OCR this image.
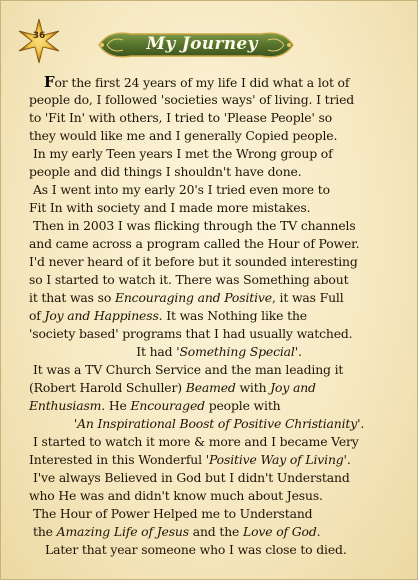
36	My Journey
For the first 24 years of my life I did what a lot of
people do, I followed 'societies ways' of living. I tried
to 'Fit In' with others, I tried to 'Please People' so
they would like me and I generally Copied people.
In my early Teen years I met the Wrong group of
people and did things I shouldn't have done.
As I went into my early 20's I tried even more to
Fit In with society and I made more mistakes.
Then in 2003 I was flicking through the TV channels
and came across a program called the Hour of Power.
I'd never heard of it before but it sounded interesting
so I started to watch it. There was Something about
it that was so Encouraging and Positive, it was Full
of Joy and Happiness. It was Nothing like the
'society based' programs that I had usually watched.
It had 'Something Special'.
It was a TV Church Service and the man leading it
(Robert Harold Schuller) Beamed with Joy and
Enthusiasm. He Encouraged people with
'An Inspirational Boost of Positive Christianity'.
I started to watch it more & more and I became Very
Interested in this Wonderful 'Positive Way of Living'.
I've always Believed in God but I didn't Understand
who He was and didn't know much about Jesus.
The Hour of Power Helped me to Understand
the Amazing Life of Jesus and the Love of God.
Later that year someone who I was close to died.
